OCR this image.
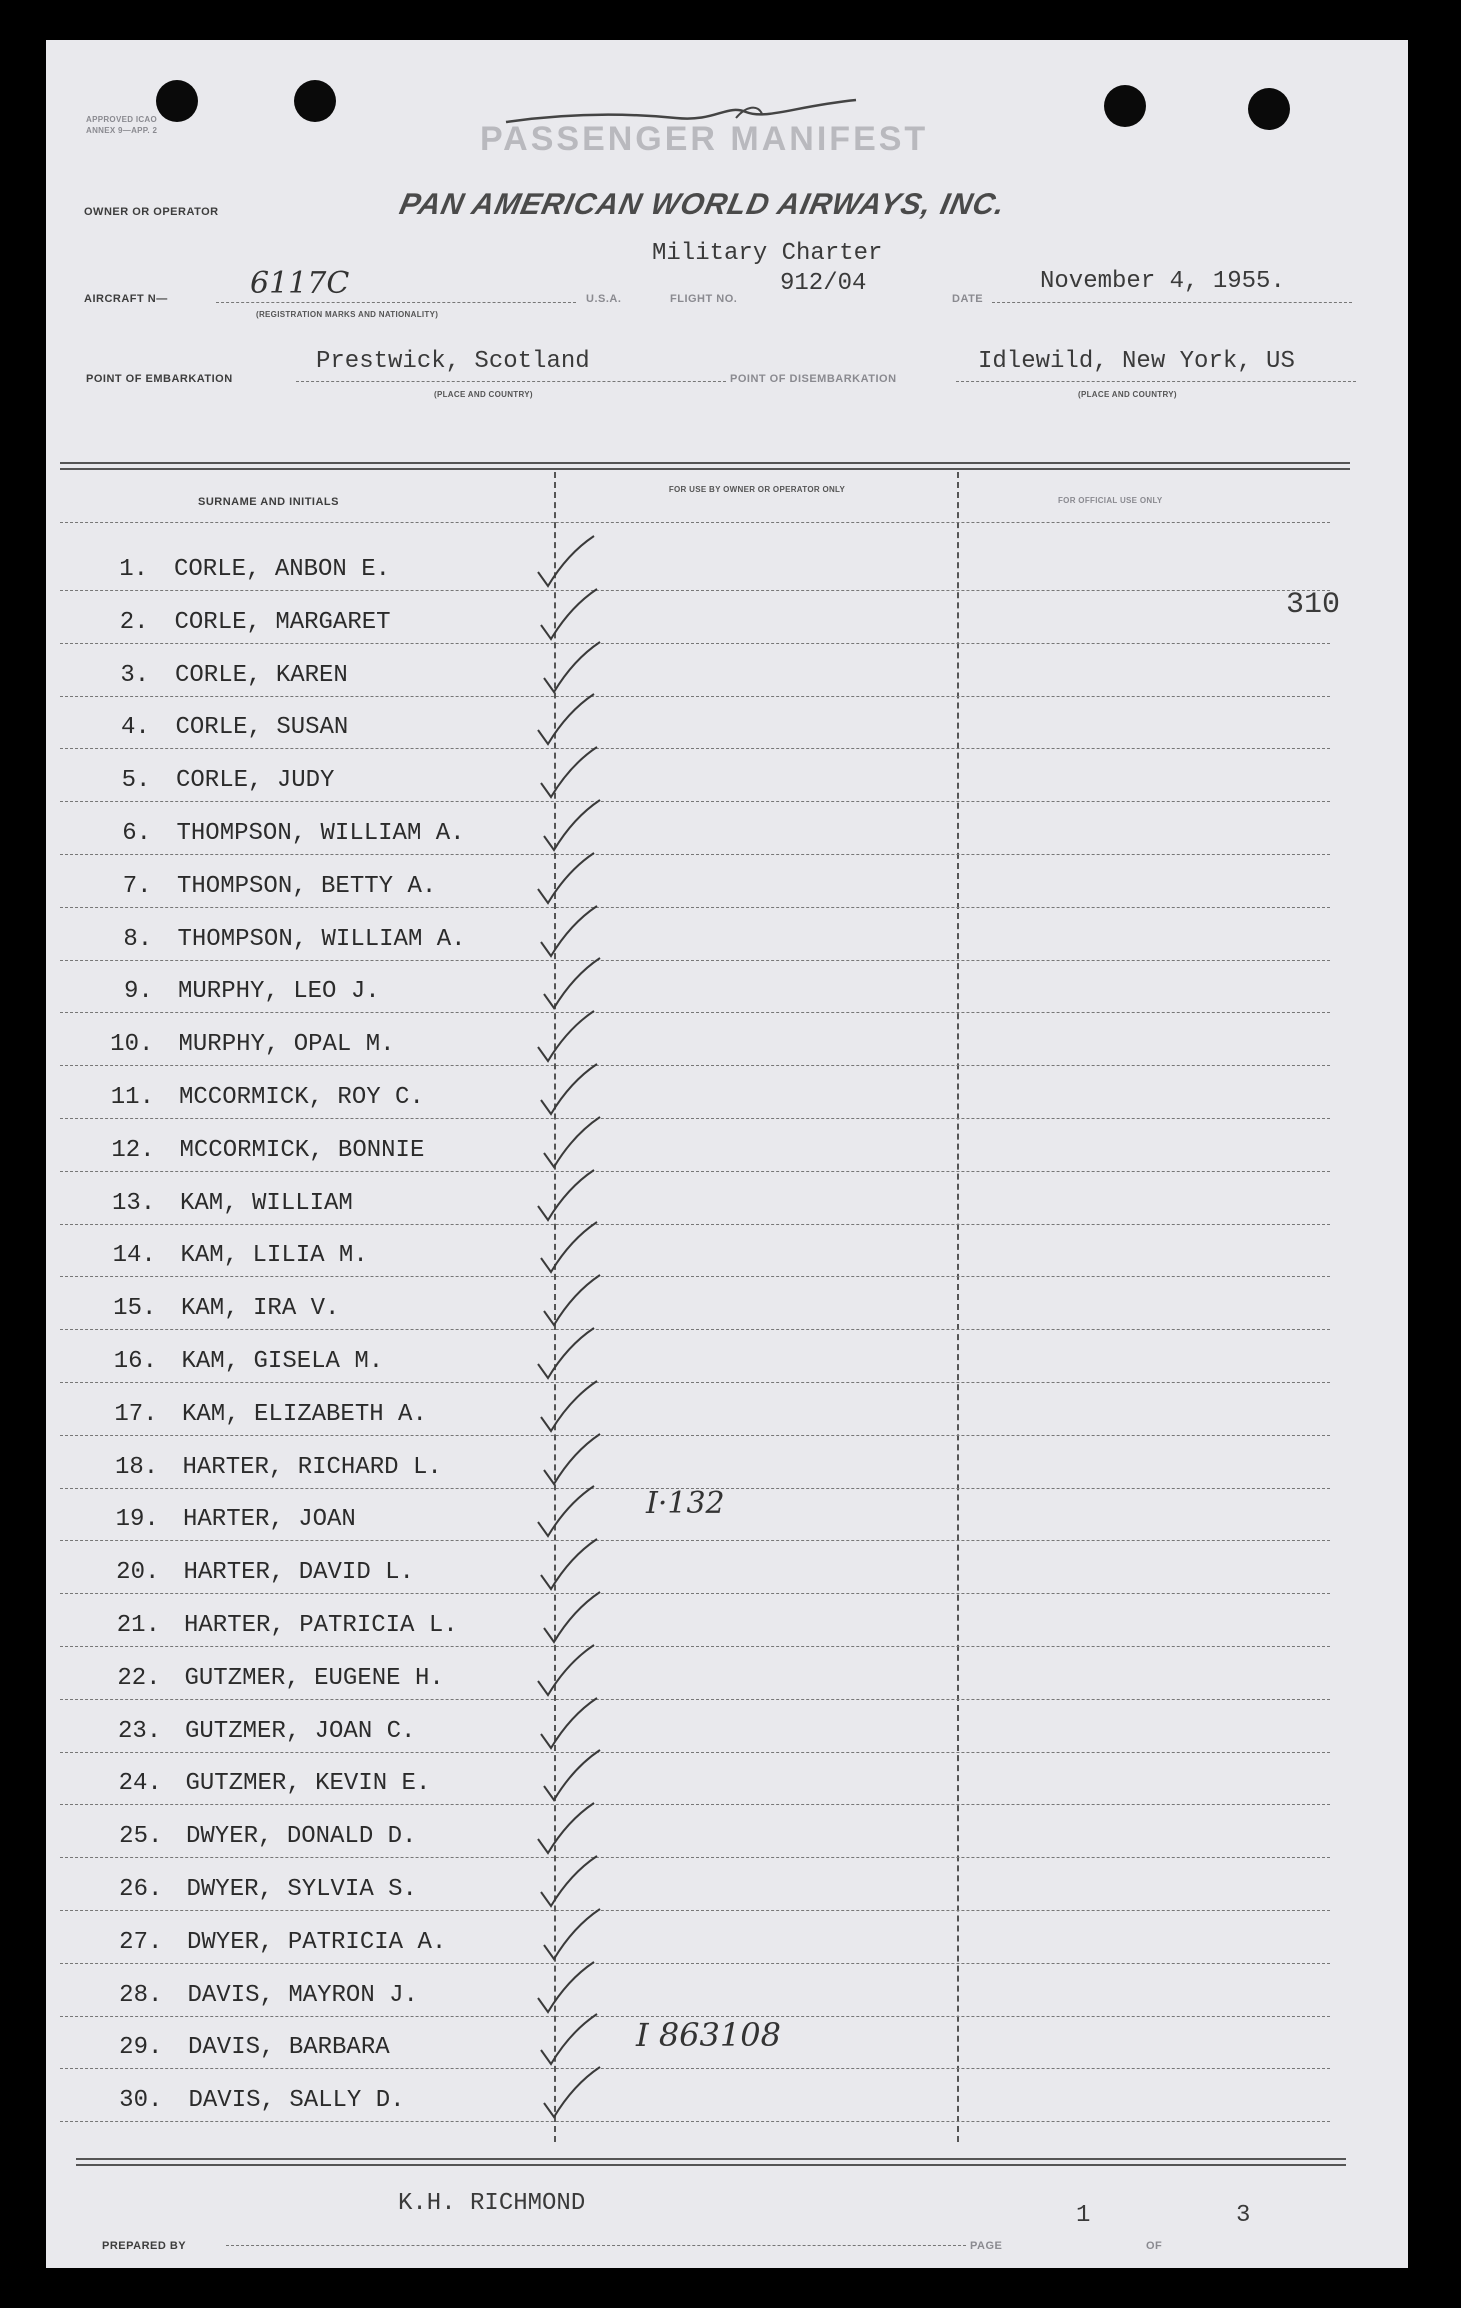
APPROVED ICAO ANNEX 9—APP. 2	PASSENGER MANIFEST
OWNER OR OPERATOR	PAN AMERICAN WORLD AIRWAYS, INC.
Military Charter
AIRCRAFT N—	6117C
(REGISTRATION MARKS AND NATIONALITY)
U.S.A.	FLIGHT NO.
912/04
DATE
November 4, 1955.
POINT OF EMBARKATION
Prestwick, Scotland
(PLACE AND COUNTRY)
POINT OF DISEMBARKATION
Idlewild, New York, US
(PLACE AND COUNTRY)
SURNAME AND INITIALS
FOR USE BY OWNER OR OPERATOR ONLY
FOR OFFICIAL USE ONLY
310
1. CORLE, ANBON E.
2. CORLE, MARGARET
3. CORLE, KAREN
4. CORLE, SUSAN
5. CORLE, JUDY
6. THOMPSON, WILLIAM A.
7. THOMPSON, BETTY A.
8. THOMPSON, WILLIAM A.
9. MURPHY, LEO J.
10. MURPHY, OPAL M.
11. MCCORMICK, ROY C.
12. MCCORMICK, BONNIE
13. KAM, WILLIAM
14. KAM, LILIA M.
15. KAM, IRA V.
16. KAM, GISELA M.
17. KAM, ELIZABETH A.
18. HARTER, RICHARD L.
19. HARTER, JOAN
20. HARTER, DAVID L.
21. HARTER, PATRICIA L.
22. GUTZMER, EUGENE H.
23. GUTZMER, JOAN C.
24. GUTZMER, KEVIN E.
25. DWYER, DONALD D.
26. DWYER, SYLVIA S.
27. DWYER, PATRICIA A.
28. DAVIS, MAYRON J.
29. DAVIS, BARBARA
30. DAVIS, SALLY D.
I·132
I 863108
K.H. RICHMOND
PREPARED BY	PAGE
1
OF
3
